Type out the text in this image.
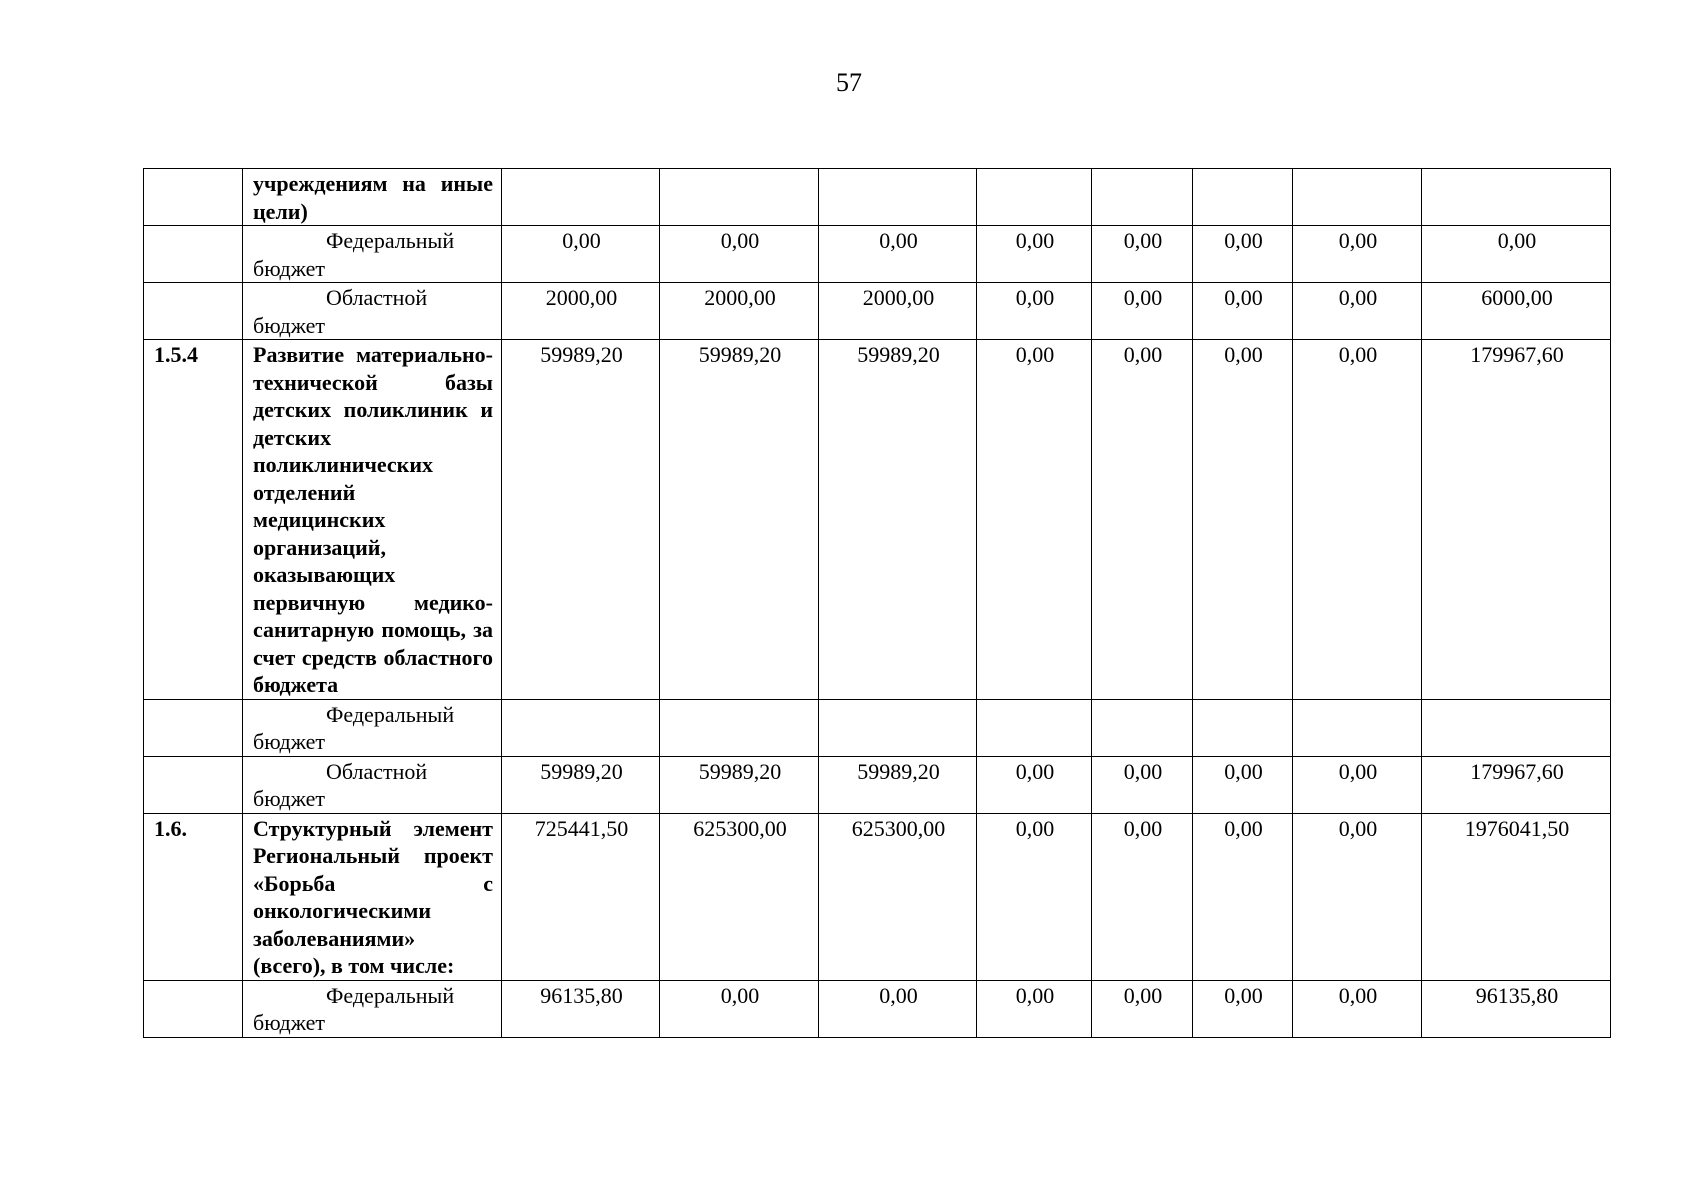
57
	учреждениям на иные цели)								

	Федеральный
бюджет	0,00	0,00	0,00	0,00	0,00	0,00	0,00	0,00

	Областной
бюджет	2000,00	2000,00	2000,00	0,00	0,00	0,00	0,00	6000,00
1.5.4	Развитие материально-технической базы детских поликлиник и детских поликлинических отделений медицинских организаций, оказывающих первичную медико-санитарную помощь, за счет средств областного бюджета	59989,20	59989,20	59989,20	0,00	0,00	0,00	0,00	179967,60

	Федеральный
бюджет								

	Областной
бюджет	59989,20	59989,20	59989,20	0,00	0,00	0,00	0,00	179967,60
1.6.	Структурный элемент Региональный проект «Борьба с онкологическими заболеваниями» (всего), в том числе:	725441,50	625300,00	625300,00	0,00	0,00	0,00	0,00	1976041,50

	Федеральный
бюджет	96135,80	0,00	0,00	0,00	0,00	0,00	0,00	96135,80
